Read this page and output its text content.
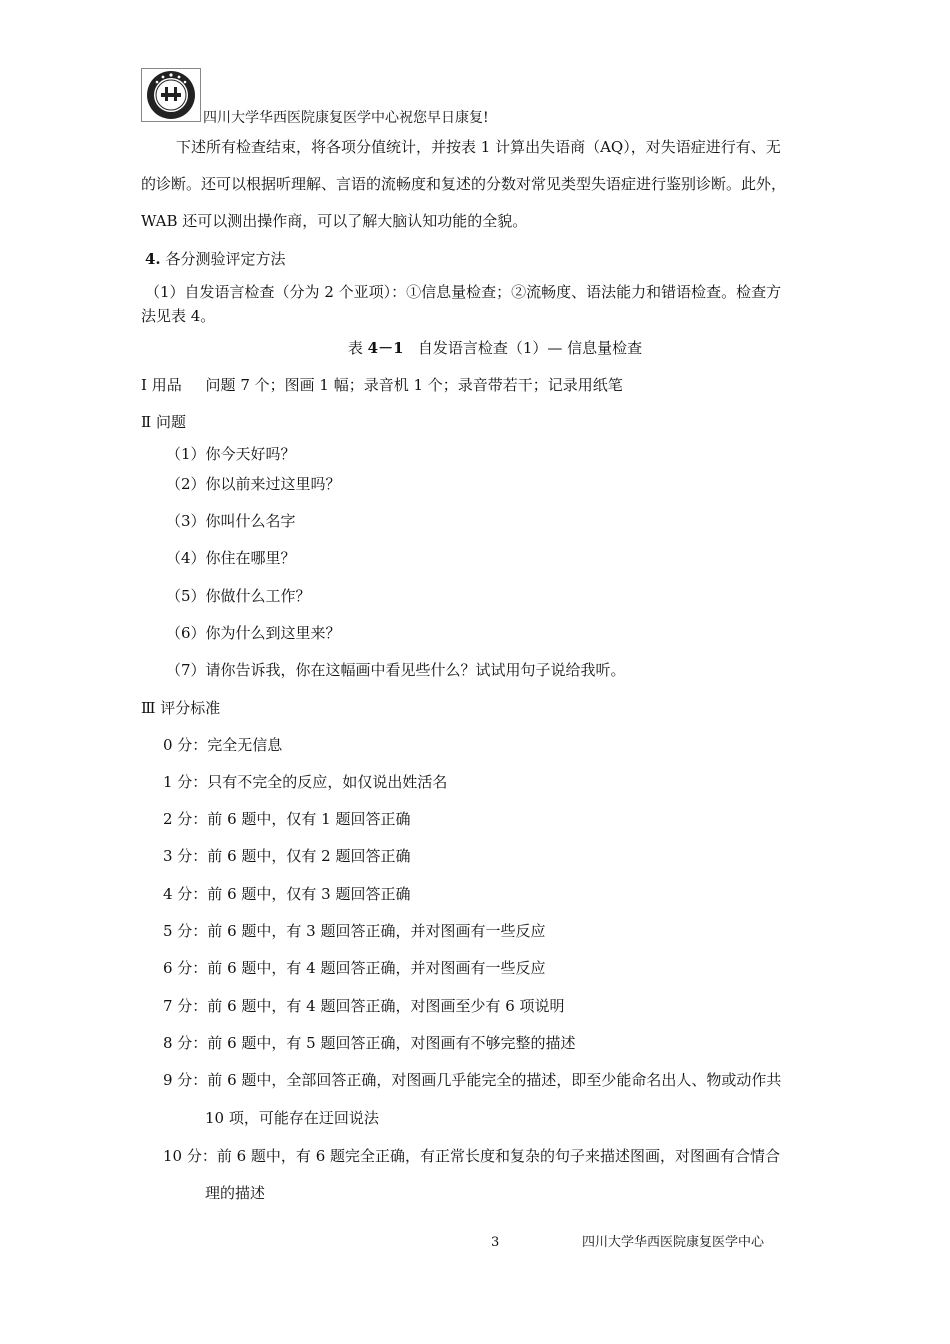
四川大学华西医院康复医学中心祝您早日康复!
下述所有检查结束，将各项分值统计，并按表 1 计算出失语商（AQ），对失语症进行有、无
的诊断。还可以根据听理解、言语的流畅度和复述的分数对常见类型失语症进行鉴别诊断。此外，
WAB 还可以测出操作商，可以了解大脑认知功能的全貌。
4. 各分测验评定方法
（1）自发语言检查（分为 2 个亚项）：①信息量检查；②流畅度、语法能力和错语检查。检查方
法见表 4。
表 4－1 自发语言检查（1）— 信息量检查
Ⅰ 用品 问题 7 个；图画 1 幅；录音机 1 个；录音带若干；记录用纸笔
Ⅱ 问题
（1）你今天好吗？
（2）你以前来过这里吗？
（3）你叫什么名字
（4）你住在哪里？
（5）你做什么工作？
（6）你为什么到这里来？
（7）请你告诉我，你在这幅画中看见些什么？试试用句子说给我听。
Ⅲ 评分标准
0 分：完全无信息
1 分：只有不完全的反应，如仅说出姓活名
2 分：前 6 题中，仅有 1 题回答正确
3 分：前 6 题中，仅有 2 题回答正确
4 分：前 6 题中，仅有 3 题回答正确
5 分：前 6 题中，有 3 题回答正确，并对图画有一些反应
6 分：前 6 题中，有 4 题回答正确，并对图画有一些反应
7 分：前 6 题中，有 4 题回答正确，对图画至少有 6 项说明
8 分：前 6 题中，有 5 题回答正确，对图画有不够完整的描述
9 分：前 6 题中，全部回答正确，对图画几乎能完全的描述，即至少能命名出人、物或动作共
10 项，可能存在迂回说法
10 分：前 6 题中，有 6 题完全正确，有正常长度和复杂的句子来描述图画，对图画有合情合
理的描述
3	四川大学华西医院康复医学中心
